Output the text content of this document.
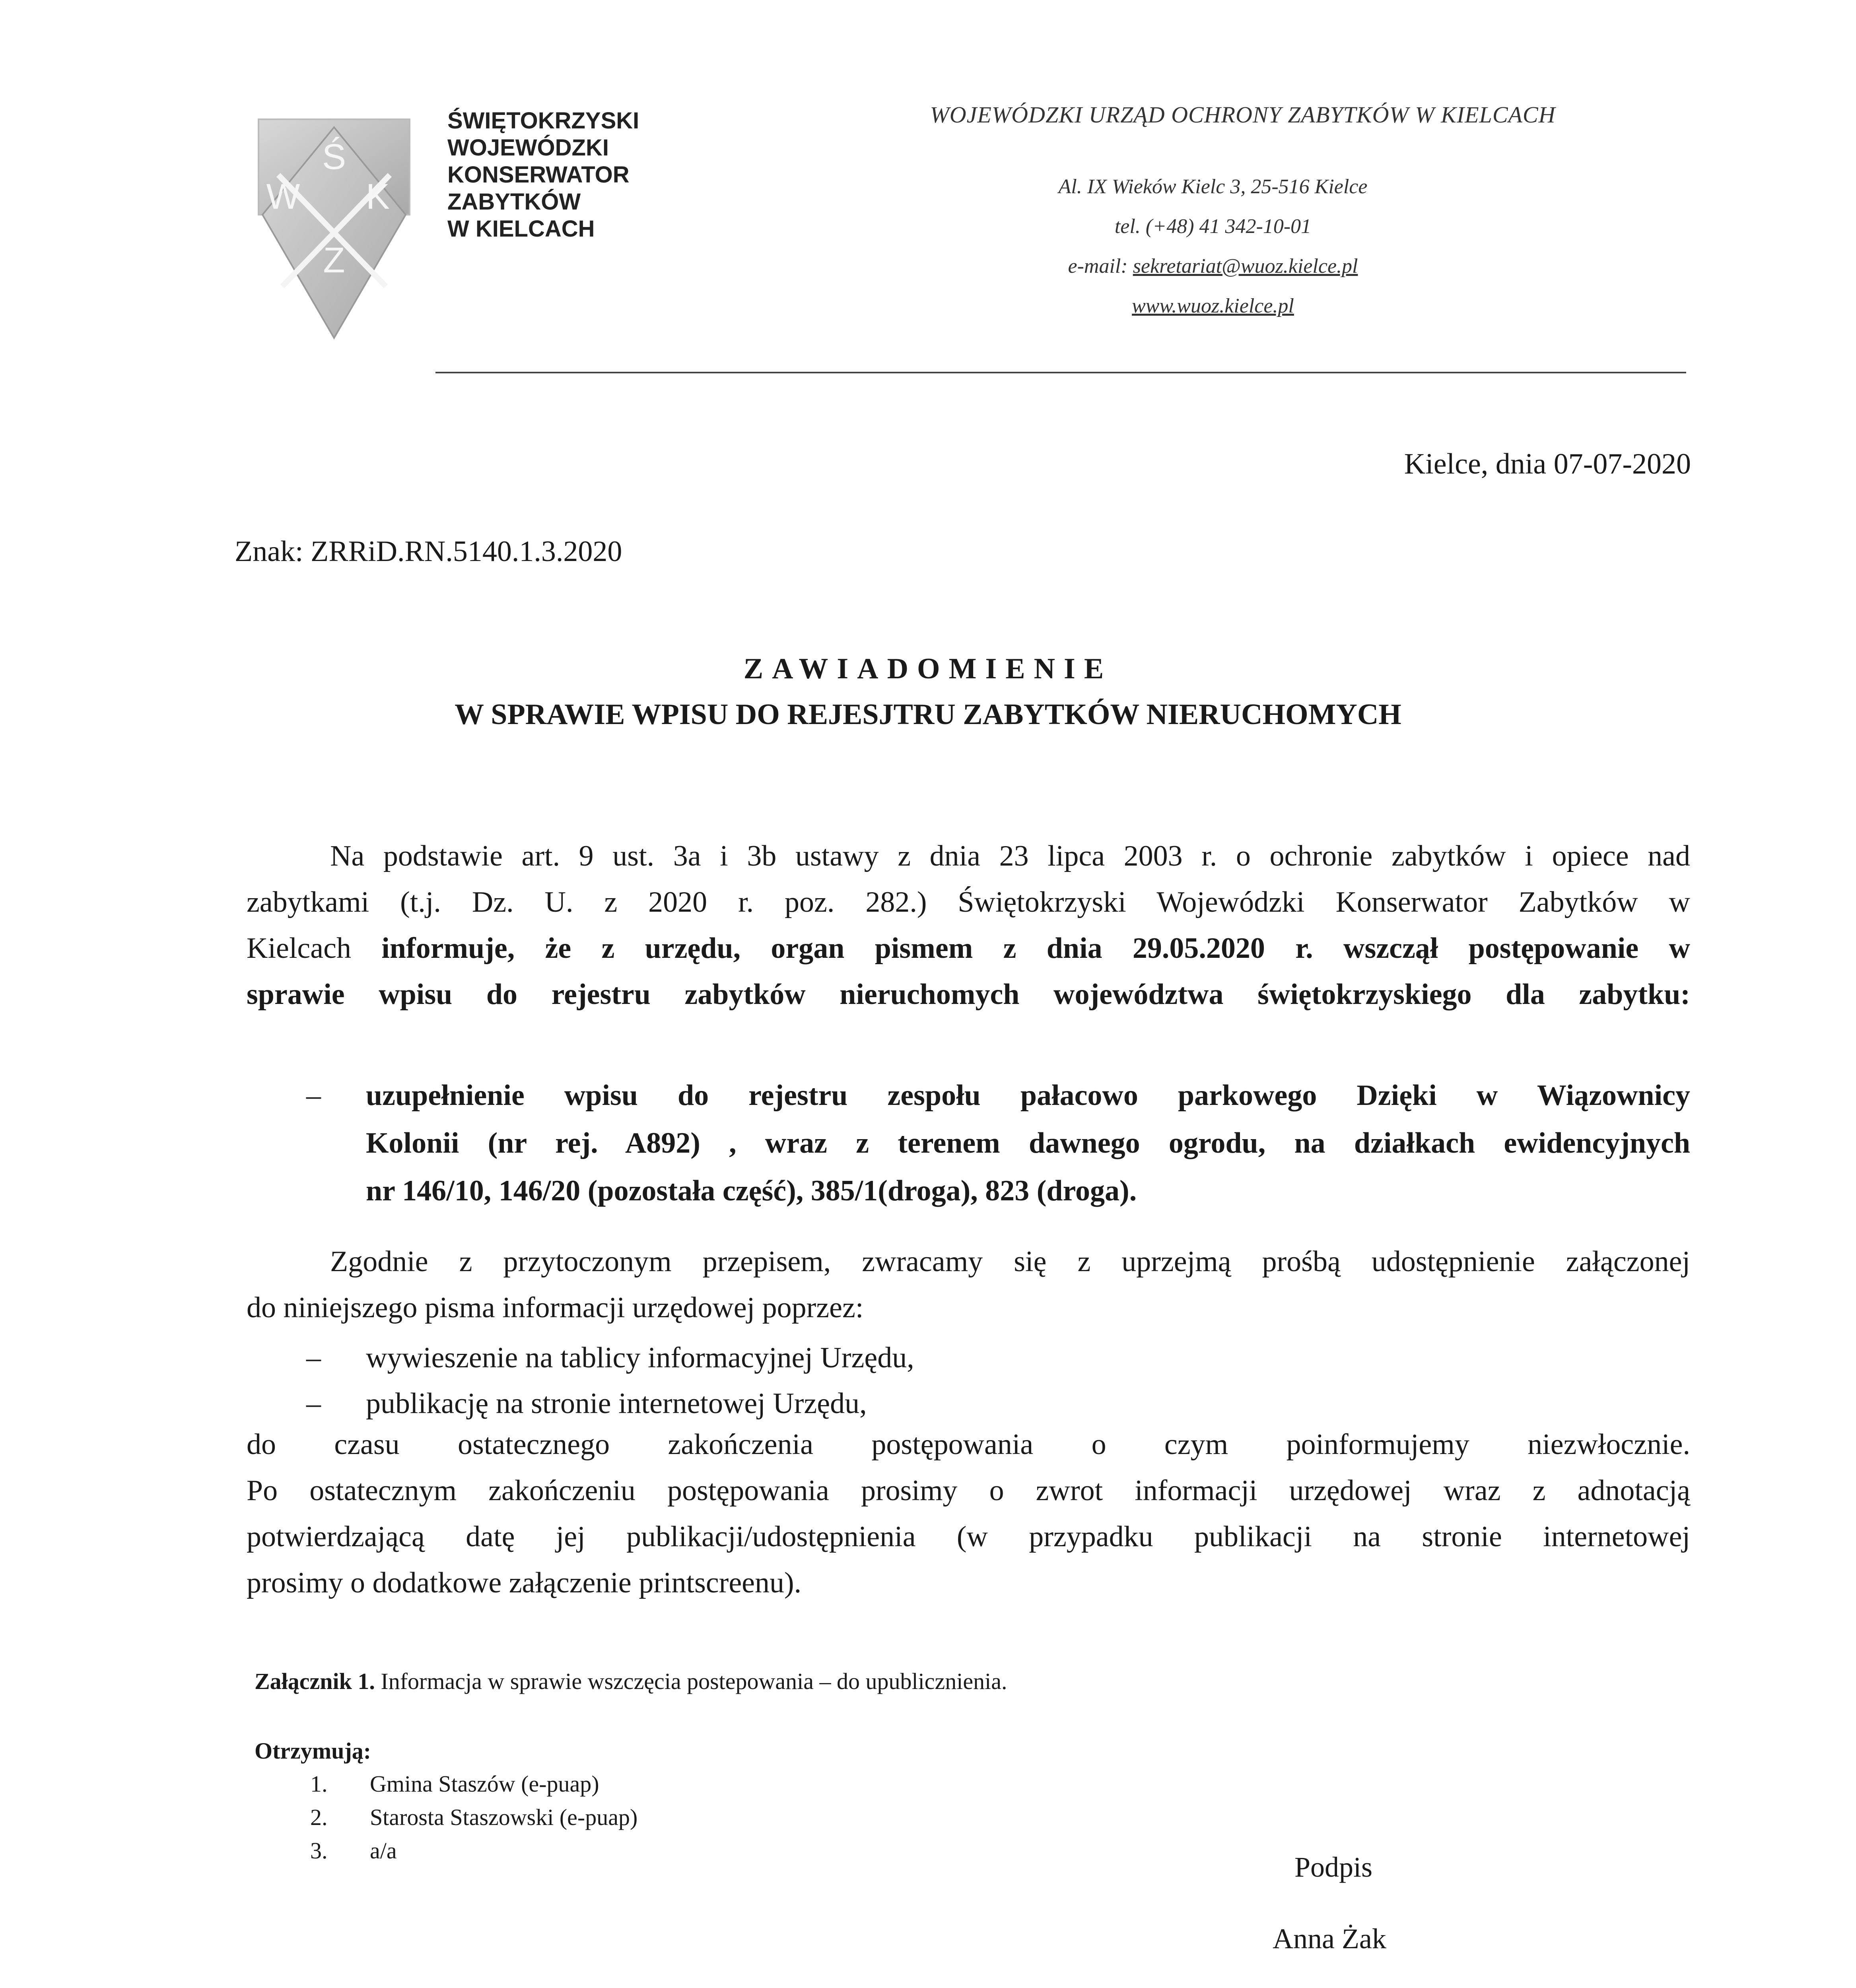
Ś
W K
Z
ŚWIĘTOKRZYSKI
WOJEWÓDZKI
KONSERWATOR
ZABYTKÓW
W KIELCACH
WOJEWÓDZKI URZĄD OCHRONY ZABYTKÓW W KIELCACH
Al. IX Wieków Kielc 3, 25-516 Kielce
tel. (+48) 41 342-10-01
e-mail: sekretariat@wuoz.kielce.pl
www.wuoz.kielce.pl
Kielce, dnia 07-07-2020
Znak: ZRRiD.RN.5140.1.3.2020
ZAWIADOMIENIE
W SPRAWIE WPISU DO REJESJTRU ZABYTKÓW NIERUCHOMYCH
Na podstawie art. 9 ust. 3a i 3b ustawy z dnia 23 lipca 2003 r. o ochronie zabytków i opiece nad
zabytkami (t.j. Dz. U. z 2020 r. poz. 282.) Świętokrzyski Wojewódzki Konserwator Zabytków w
Kielcach informuje, że z urzędu, organ pismem z dnia 29.05.2020 r. wszczął postępowanie w
sprawie wpisu do rejestru zabytków nieruchomych województwa świętokrzyskiego dla zabytku:
– uzupełnienie wpisu do rejestru zespołu pałacowo parkowego Dzięki w Wiązownicy
Kolonii (nr rej. A892) , wraz z terenem dawnego ogrodu, na działkach ewidencyjnych
nr 146/10, 146/20 (pozostała część), 385/1(droga), 823 (droga).
Zgodnie z przytoczonym przepisem, zwracamy się z uprzejmą prośbą udostępnienie załączonej
do niniejszego pisma informacji urzędowej poprzez:
– wywieszenie na tablicy informacyjnej Urzędu,
– publikację na stronie internetowej Urzędu,
do czasu ostatecznego zakończenia postępowania o czym poinformujemy niezwłocznie.
Po ostatecznym zakończeniu postępowania prosimy o zwrot informacji urzędowej wraz z adnotacją
potwierdzającą datę jej publikacji/udostępnienia (w przypadku publikacji na stronie internetowej
prosimy o dodatkowe załączenie printscreenu).
Załącznik 1. Informacja w sprawie wszczęcia postepowania – do upublicznienia.
Otrzymują:
1. Gmina Staszów (e-puap)
2. Starosta Staszowski (e-puap)
3. a/a
Podpis
Anna Żak
